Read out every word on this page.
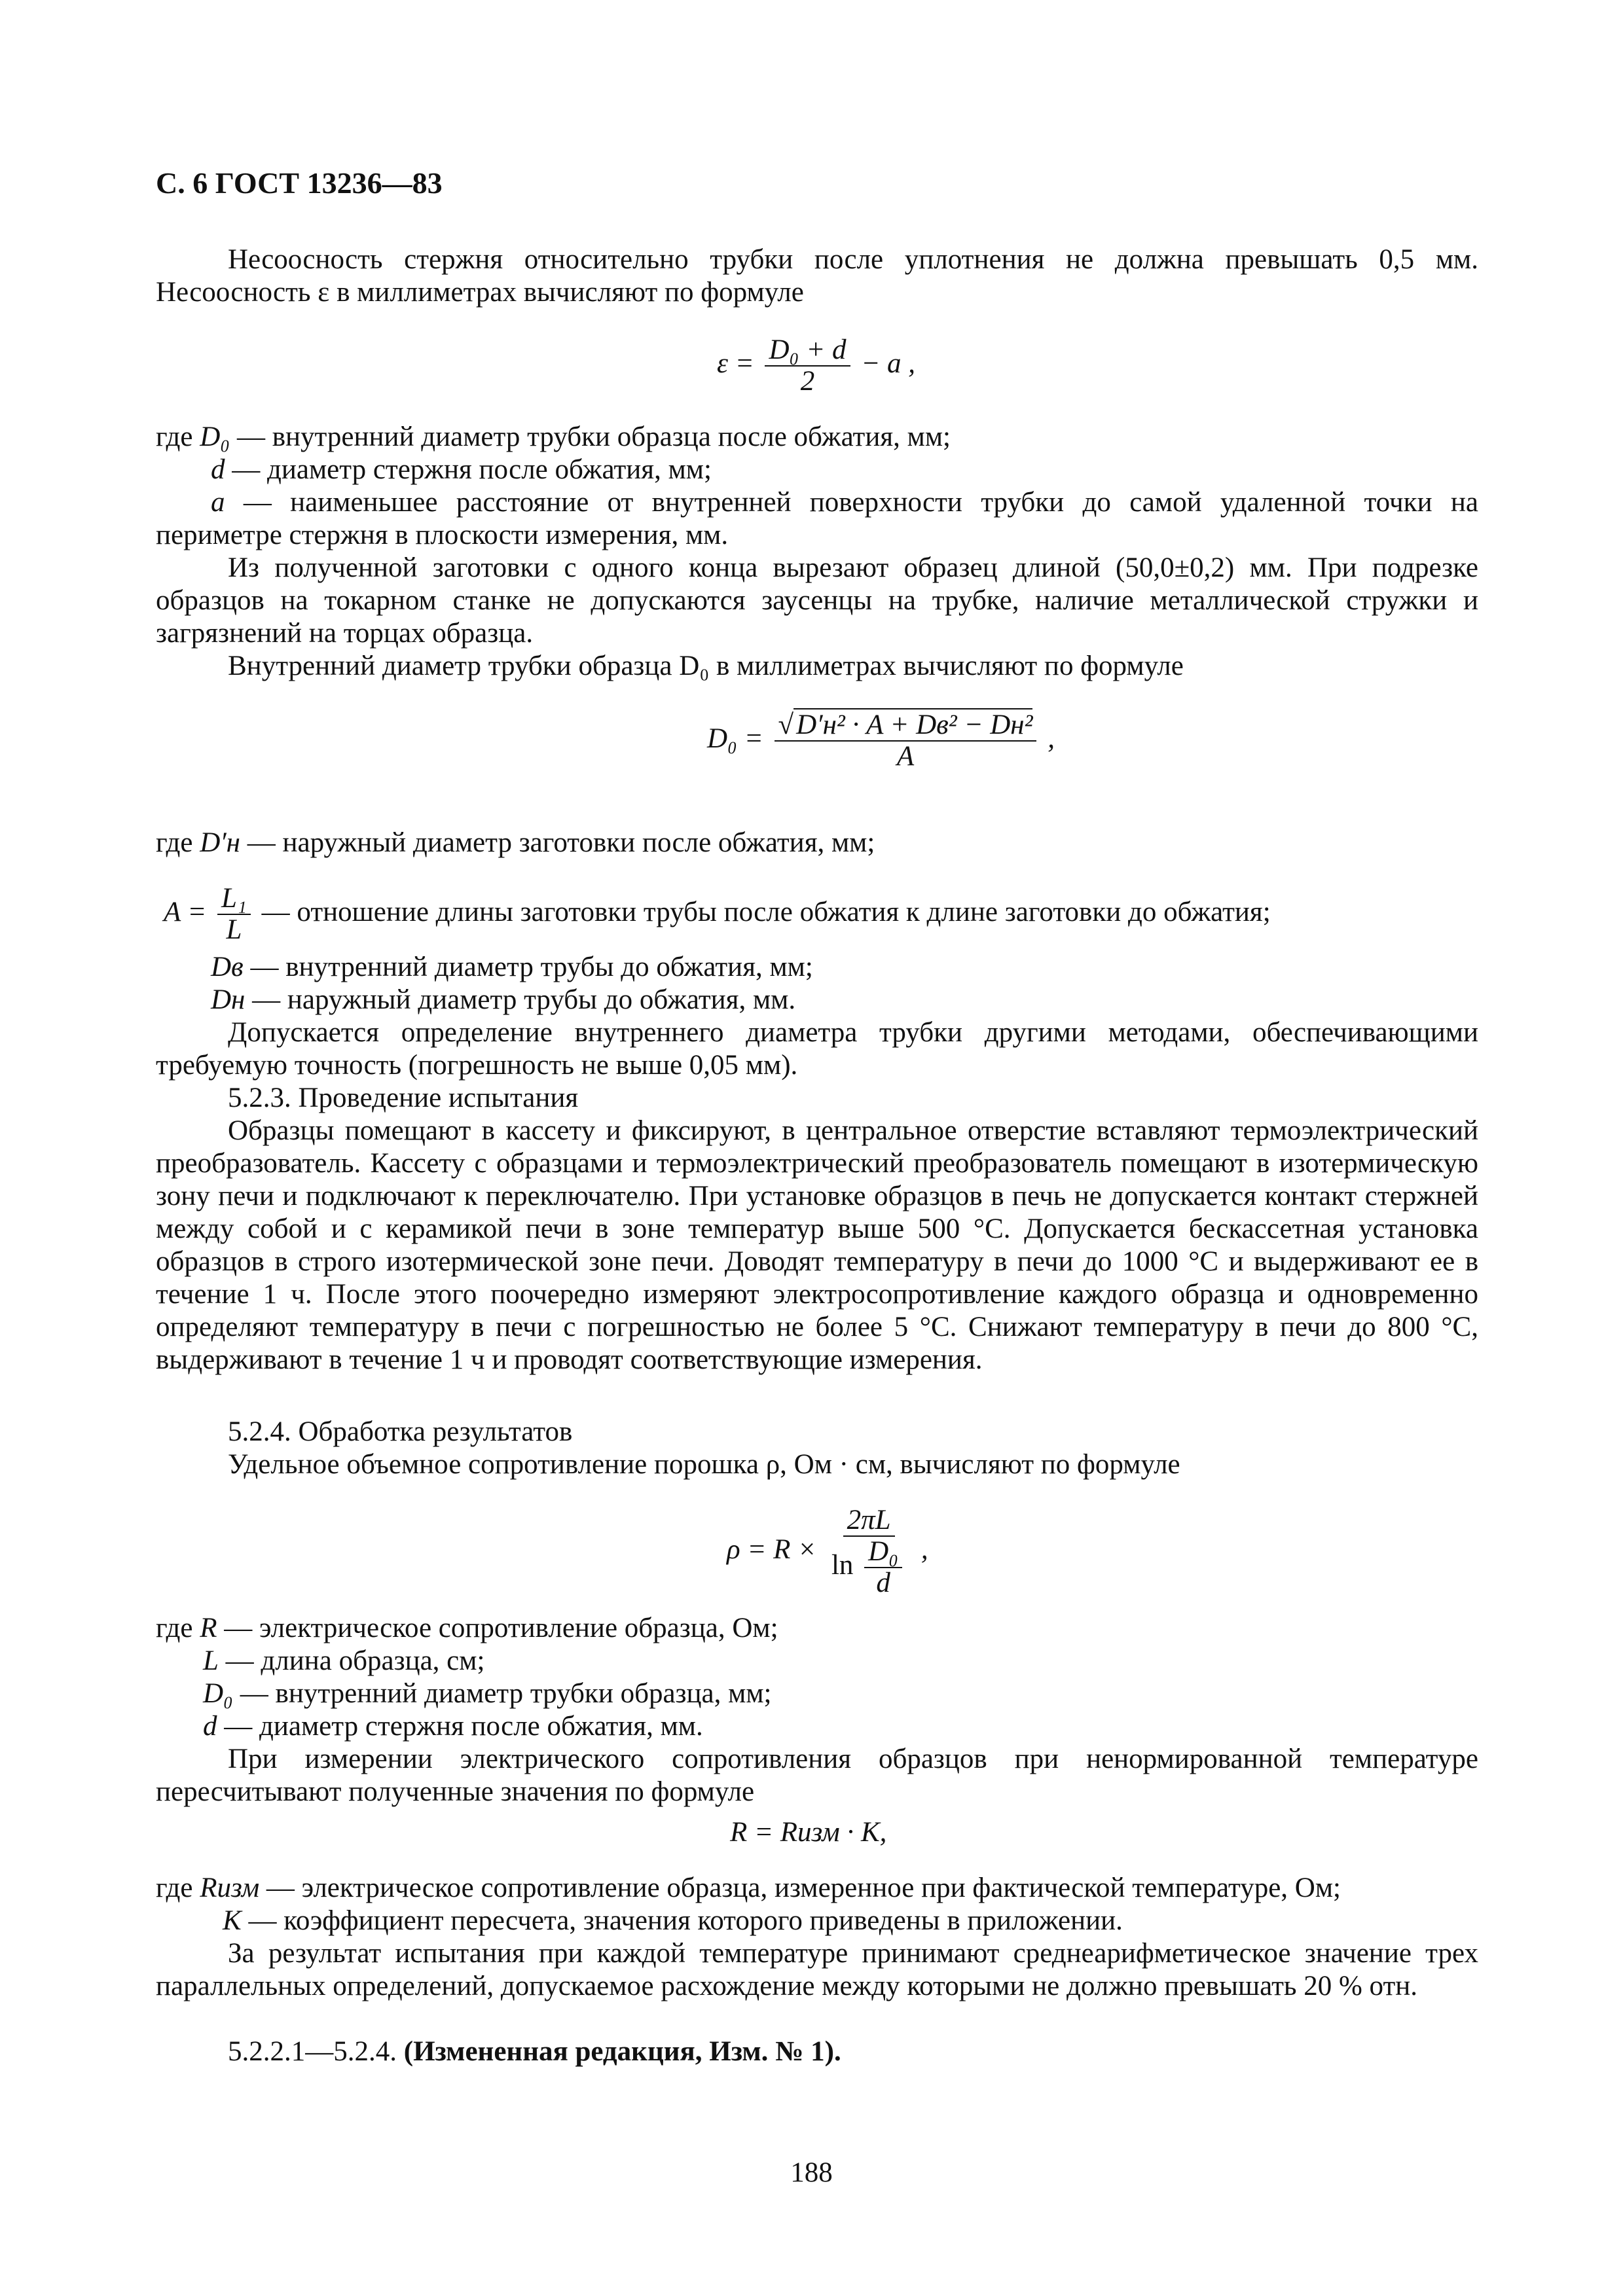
С. 6 ГОСТ 13236—83
Несоосность стержня относительно трубки после уплотнения не должна превышать 0,5 мм.
Несоосность ε в миллиметрах вычисляют по формуле
$\varepsilon = \frac{\text{D₀ + d}}{2} - a$ ,
где D₀ — внутренний диаметр трубки образца после обжатия, мм;
d — диаметр стержня после обжатия, мм;
a — наименьшее расстояние от внутренней поверхности трубки до самой удаленной точки на
периметре стержня в плоскости измерения, мм.
Из полученной заготовки с одного конца вырезают образец длиной (50,0±0,2) мм. При подрезке образцов на токарном станке не допускаются заусенцы на трубке, наличие металлической стружки и загрязнений на торцах образца.
Внутренний диаметр трубки образца D₀ в миллиметрах вычисляют по формуле
$D_0 = \frac{\text{√D′н² · A + Dв² − Dн²}}{A}$ ,
где D′н — наружный диаметр заготовки после обжатия, мм;
$A = \frac{\text{L₁}}{L}$ — отношение длины заготовки трубы после обжатия к длине заготовки до обжатия;
Dв — внутренний диаметр трубы до обжатия, мм;
Dн — наружный диаметр трубы до обжатия, мм.
Допускается определение внутреннего диаметра трубки другими методами, обеспечивающими требуемую точность (погрешность не выше 0,05 мм).
5.2.3. Проведение испытания
Образцы помещают в кассету и фиксируют, в центральное отверстие вставляют термоэлектрический преобразователь. Кассету с образцами и термоэлектрический преобразователь помещают в изотермическую зону печи и подключают к переключателю. При установке образцов в печь не допускается контакт стержней между собой и с керамикой печи в зоне температур выше 500 °С. Допускается бескассетная установка образцов в строго изотермической зоне печи. Доводят температуру в печи до 1000 °С и выдерживают ее в течение 1 ч. После этого поочередно измеряют электросопротивление каждого образца и одновременно определяют температуру в печи с погрешностью не более 5 °С. Снижают температуру в печи до 800 °С, выдерживают в течение 1 ч и проводят соответствующие измерения.
5.2.4. Обработка результатов
Удельное объемное сопротивление порошка ρ, Ом · см, вычисляют по формуле
$\rho = R \times \frac{2\pi L}{\ln \frac{\text{D₀}}{d}}$ ,
где R — электрическое сопротивление образца, Ом;
L — длина образца, см;
D₀ — внутренний диаметр трубки образца, мм;
d — диаметр стержня после обжатия, мм.
При измерении электрического сопротивления образцов при ненормированной температуре пересчитывают полученные значения по формуле
R = Rизм · K,
где Rизм — электрическое сопротивление образца, измеренное при фактической температуре, Ом;
K — коэффициент пересчета, значения которого приведены в приложении.
За результат испытания при каждой температуре принимают среднеарифметическое значение трех параллельных определений, допускаемое расхождение между которыми не должно превышать 20 % отн.
5.2.2.1—5.2.4. (Измененная редакция, Изм. № 1).
188
